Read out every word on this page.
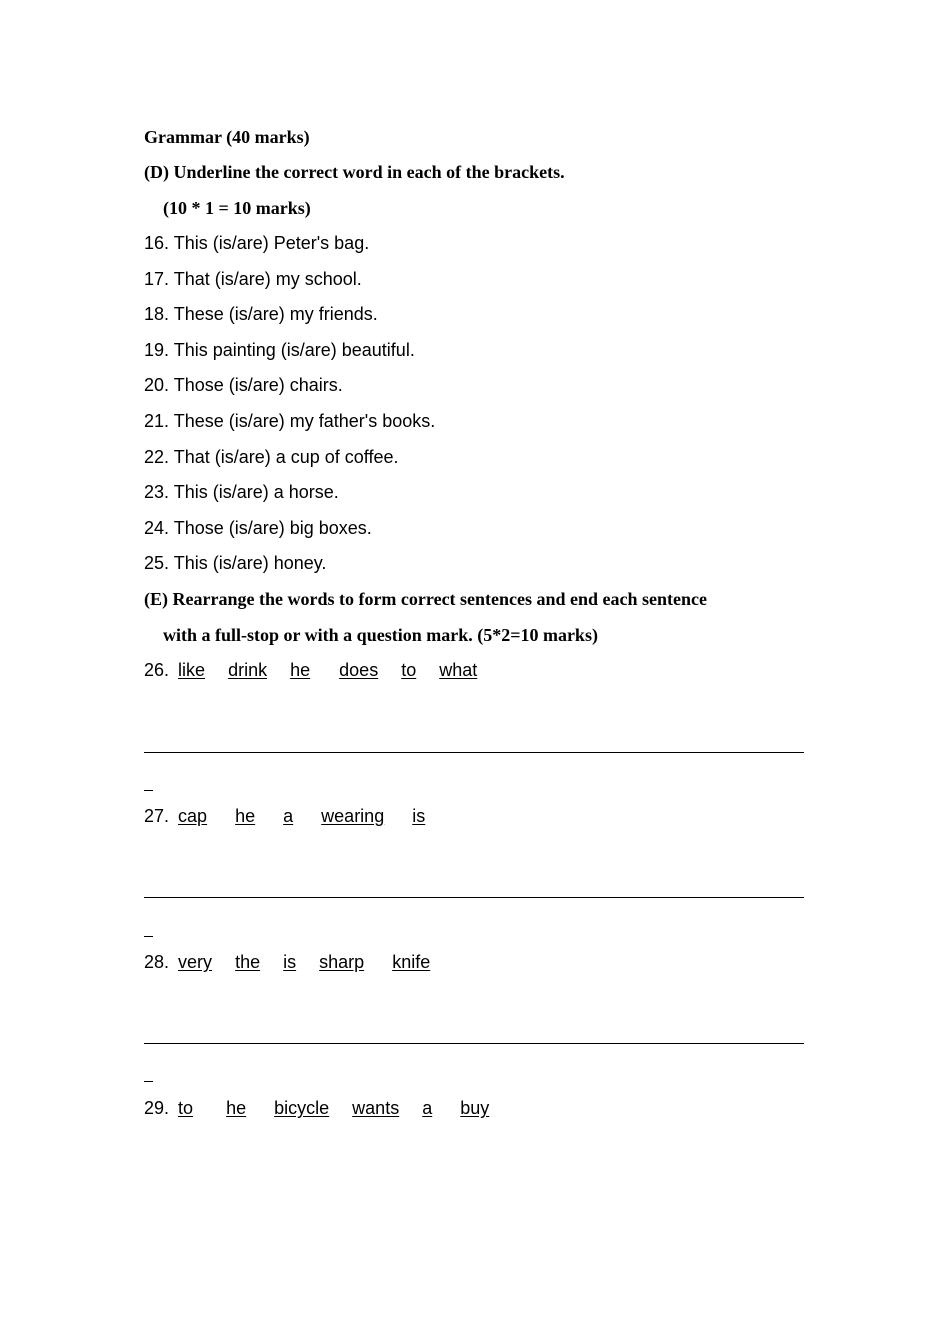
Grammar (40 marks)
(D) Underline the correct word in each of the brackets.
(10 * 1 = 10 marks)
16. This (is/are) Peter's bag.
17. That (is/are) my school.
18. These (is/are) my friends.
19. This painting (is/are) beautiful.
20. Those (is/are) chairs.
21. These (is/are) my father's books.
22. That (is/are) a cup of coffee.
23. This (is/are) a horse.
24. Those (is/are) big boxes.
25. This (is/are) honey.
(E) Rearrange the words to form correct sentences and end each sentence
with a full-stop or with a question mark. (5*2=10 marks)
26. like drink he does to what
27. cap he a wearing is
28. very the is sharp knife
29. to he bicycle wants a buy
